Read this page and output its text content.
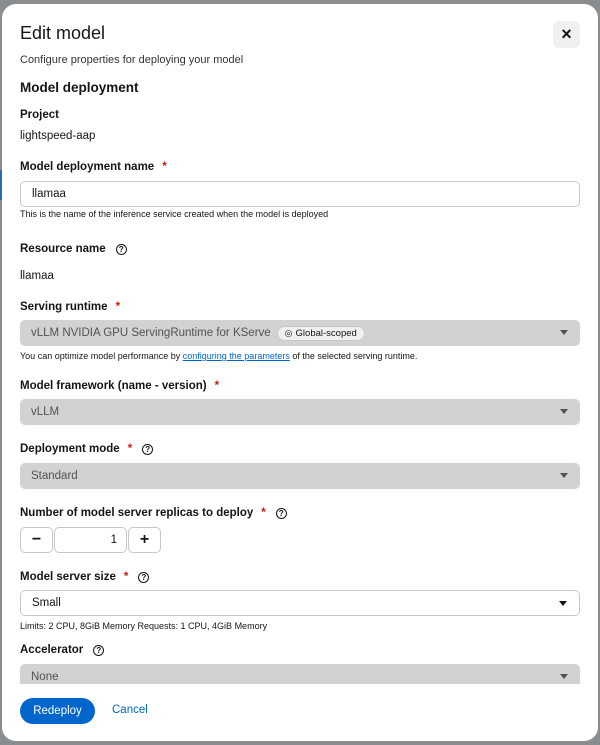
Edit model	×
Configure properties for deploying your model
Model deployment
Project
lightspeed-aap
Model deployment name *
llamaa
This is the name of the inference service created when the model is deployed
Resource name	?
llamaa
Serving runtime *
vLLM NVIDIA GPU ServingRuntime for KServe ◎ Global-scoped
You can optimize model performance by configuring the parameters of the selected serving runtime.
Model framework (name - version) *
vLLM
Deployment mode *	?
Standard
Number of model server replicas to deploy *	?
−	1 +
Model server size *	?
Small
Limits: 2 CPU, 8GiB Memory Requests: 1 CPU, 4GiB Memory
Accelerator	?
None
Redeploy	Cancel
